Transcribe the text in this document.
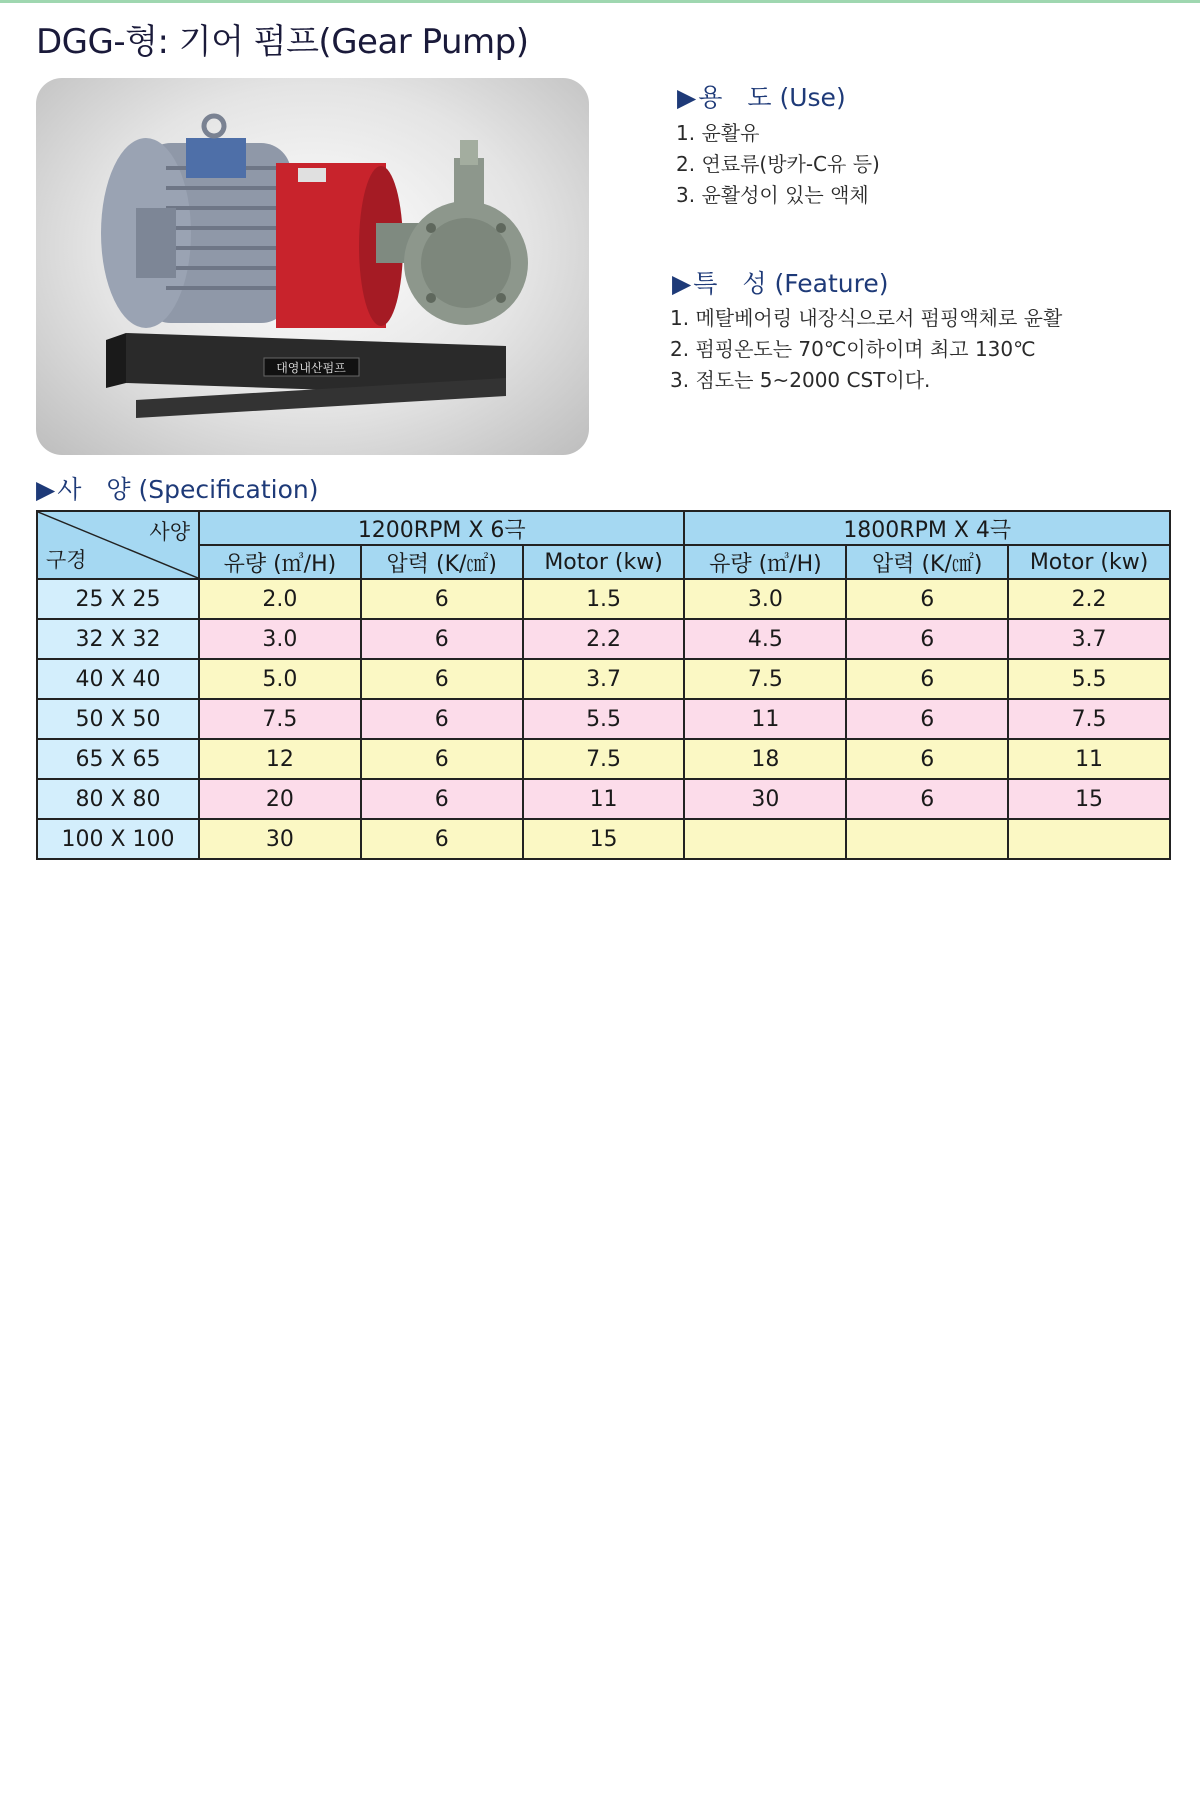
DGG-형: 기어 펌프(Gear Pump)
대영내산펌프
▶용　도 (Use)
1. 윤활유
2. 연료류(방카-C유 등)
3. 윤활성이 있는 액체
▶특　성 (Feature)
1. 메탈베어링 내장식으로서 펌핑액체로 윤활
2. 펌핑온도는 70℃이하이며 최고 130℃
3. 점도는 5~2000 CST이다.
▶사　양 (Specification)
사양
구경	1200RPM X 6극			1800RPM X 4극		
	유량 (㎥/H)	압력 (K/㎠)	Motor (kw)	유량 (㎥/H)	압력 (K/㎠)	Motor (kw)
25 X 25	2.0	6	1.5	3.0	6	2.2
32 X 32	3.0	6	2.2	4.5	6	3.7
40 X 40	5.0	6	3.7	7.5	6	5.5
50 X 50	7.5	6	5.5	11	6	7.5
65 X 65	12	6	7.5	18	6	11
80 X 80	20	6	11	30	6	15
100 X 100	30	6	15			
